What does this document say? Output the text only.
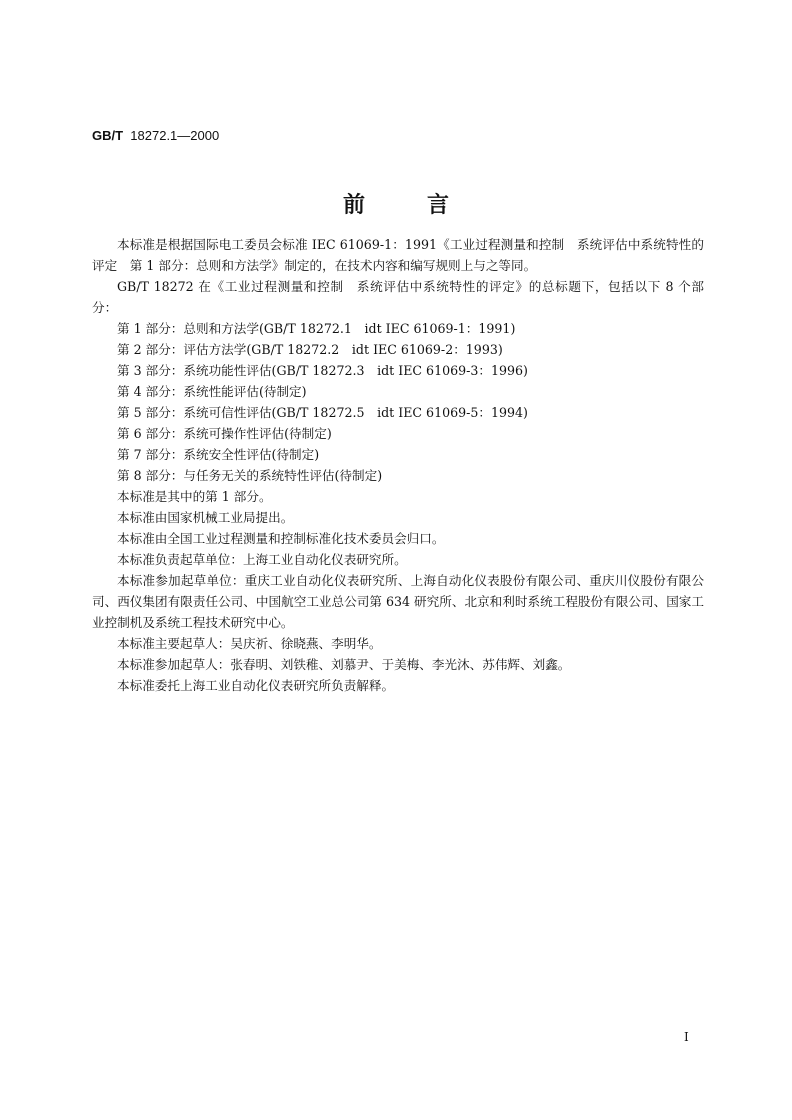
GB/T 18272.1—2000
前言

本标准是根据国际电工委员会标准 IEC 61069-1：1991《工业过程测量和控制　系统评估中系统特性的评定　第 1 部分：总则和方法学》制定的，在技术内容和编写规则上与之等同。

GB/T 18272 在《工业过程测量和控制　系统评估中系统特性的评定》的总标题下，包括以下 8 个部分：

第 1 部分：总则和方法学(GB/T 18272.1　idt IEC 61069-1：1991)

第 2 部分：评估方法学(GB/T 18272.2　idt IEC 61069-2：1993)

第 3 部分：系统功能性评估(GB/T 18272.3　idt IEC 61069-3：1996)

第 4 部分：系统性能评估(待制定)

第 5 部分：系统可信性评估(GB/T 18272.5　idt IEC 61069-5：1994)

第 6 部分：系统可操作性评估(待制定)

第 7 部分：系统安全性评估(待制定)

第 8 部分：与任务无关的系统特性评估(待制定)

本标准是其中的第 1 部分。

本标准由国家机械工业局提出。

本标准由全国工业过程测量和控制标准化技术委员会归口。

本标准负责起草单位：上海工业自动化仪表研究所。

本标准参加起草单位：重庆工业自动化仪表研究所、上海自动化仪表股份有限公司、重庆川仪股份有限公司、西仪集团有限责任公司、中国航空工业总公司第 634 研究所、北京和利时系统工程股份有限公司、国家工业控制机及系统工程技术研究中心。

本标准主要起草人：吴庆祈、徐晓燕、李明华。

本标准参加起草人：张春明、刘铁稚、刘慕尹、于美梅、李光沐、苏伟辉、刘鑫。

本标准委托上海工业自动化仪表研究所负责解释。

I
